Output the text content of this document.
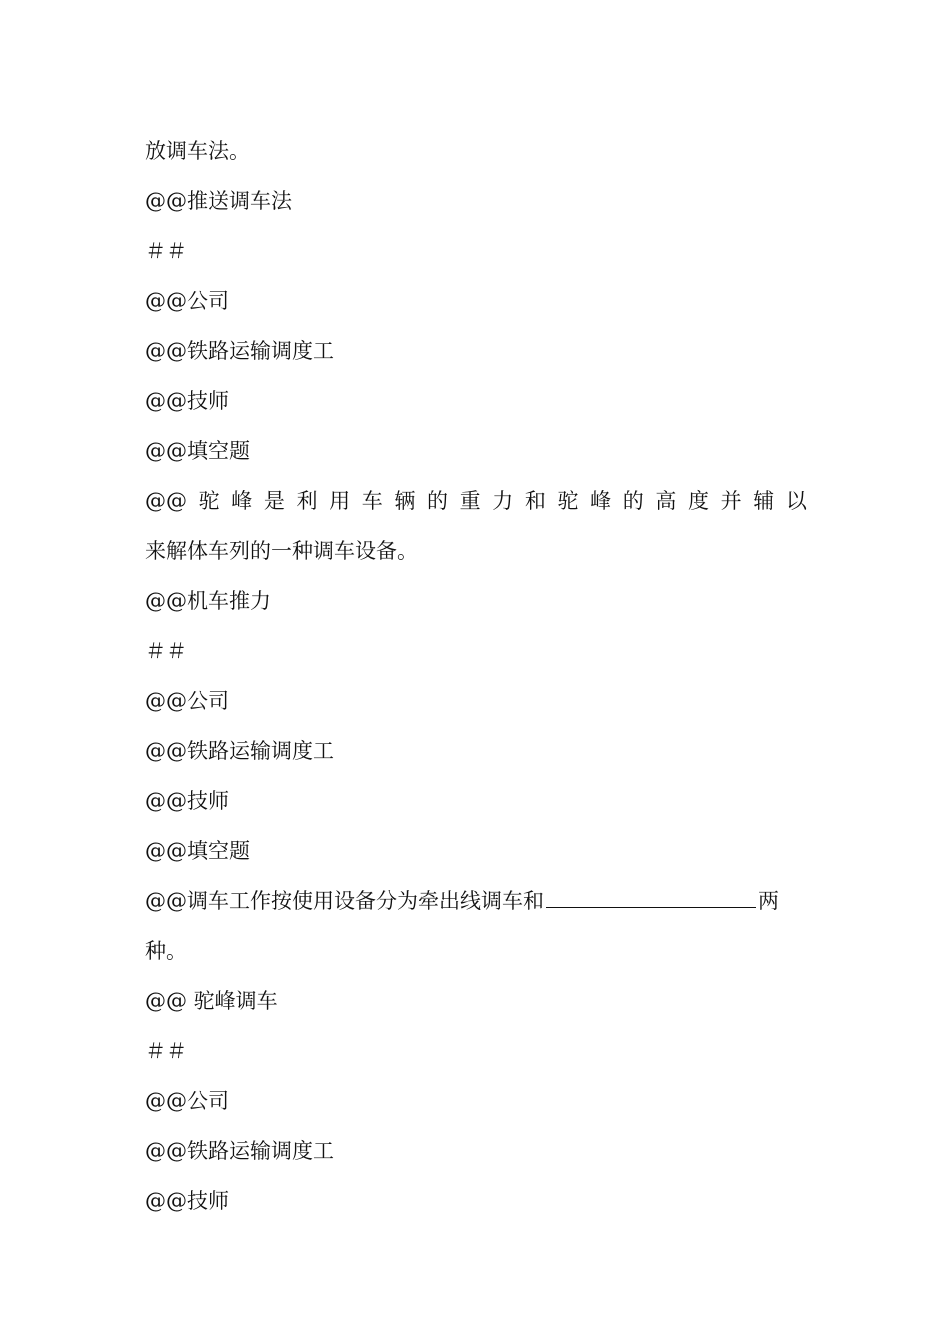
放调车法。
@@推送调车法
＃＃
@@公司
@@铁路运输调度工
@@技师
@@填空题
@@ 驼 峰 是 利 用 车 辆 的 重 力 和 驼 峰 的 高 度 并 辅 以
来解体车列的一种调车设备。
@@机车推力
＃＃
@@公司
@@铁路运输调度工
@@技师
@@填空题
@@调车工作按使用设备分为牵出线调车和	两
种。
@@ 驼峰调车
＃＃
@@公司
@@铁路运输调度工
@@技师
